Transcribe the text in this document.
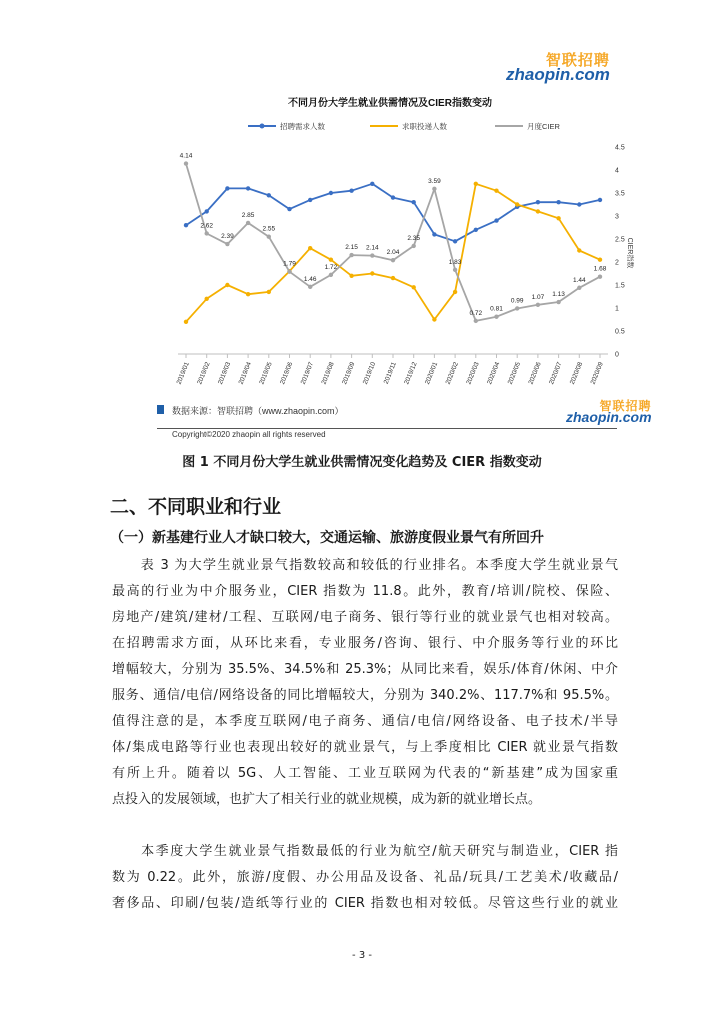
智联招聘
zhaopin.com
不同月份大学生就业供需情况及CIER指数变动
招聘需求人数	求职投递人数	月度CIER
2019/01 2019/02 2019/03 2019/04 2019/05 2019/06 2019/07 2019/08 2019/09 2019/10 2019/11 2019/12 2020/01 2020/02 2020/03 2020/04 2020/05 2020/06 2020/07 2020/08 2020/09
0
0.5
1
1.5
2
2.5
3
3.5
4
4.5
CIER指数
4.14
2.62
2.39
2.85
2.55
1.79
1.46
1.72
2.15 2.14
2.04
2.35
3.59
1.83
0.72
0.81
0.99
1.07 1.13
1.44
1.68
数据来源：智联招聘（www.zhaopin.com）	智联招聘
zhaopin.com
Copyright©2020 zhaopin all rights reserved
图 1 不同月份大学生就业供需情况变化趋势及 CIER 指数变动
二、不同职业和行业
（一）新基建行业人才缺口较大，交通运输、旅游度假业景气有所回升
　　表 3 为大学生就业景气指数较高和较低的行业排名。本季度大学生就业景气
最高的行业为中介服务业，CIER 指数为 11.8。此外，教育/培训/院校、保险、
房地产/建筑/建材/工程、互联网/电子商务、银行等行业的就业景气也相对较高。
在招聘需求方面，从环比来看，专业服务/咨询、银行、中介服务等行业的环比
增幅较大，分别为 35.5%、34.5%和 25.3%；从同比来看，娱乐/体育/休闲、中介
服务、通信/电信/网络设备的同比增幅较大，分别为 340.2%、117.7%和 95.5%。
值得注意的是，本季度互联网/电子商务、通信/电信/网络设备、电子技术/半导
体/集成电路等行业也表现出较好的就业景气，与上季度相比 CIER 就业景气指数
有所上升。随着以 5G、人工智能、工业互联网为代表的“新基建”成为国家重
点投入的发展领域，也扩大了相关行业的就业规模，成为新的就业增长点。
　　本季度大学生就业景气指数最低的行业为航空/航天研究与制造业，CIER 指
数为 0.22。此外，旅游/度假、办公用品及设备、礼品/玩具/工艺美术/收藏品/
奢侈品、印刷/包装/造纸等行业的 CIER 指数也相对较低。尽管这些行业的就业
- 3 -
